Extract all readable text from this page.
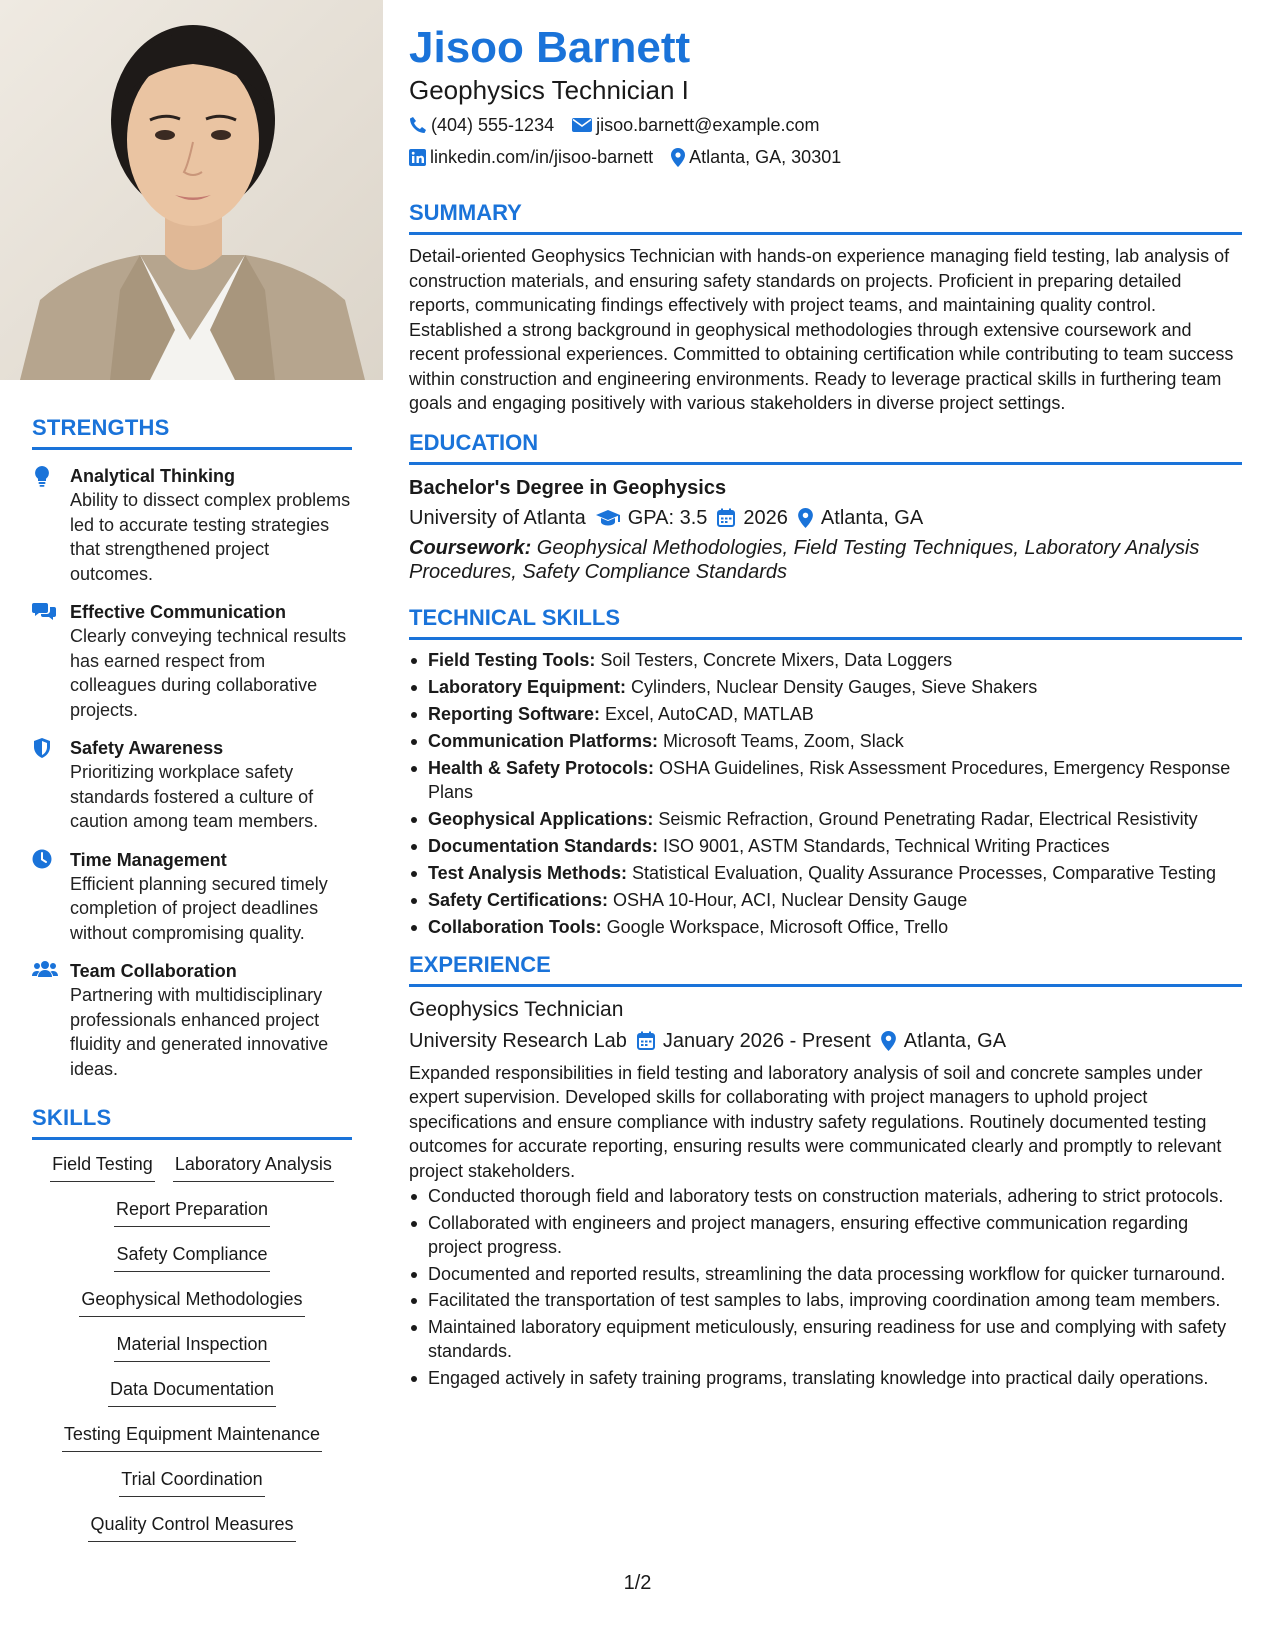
STRENGTHS
Analytical Thinking
Ability to dissect complex problems led to accurate testing strategies that strengthened project outcomes.
Effective Communication
Clearly conveying technical results has earned respect from colleagues during collaborative projects.
Safety Awareness
Prioritizing workplace safety standards fostered a culture of caution among team members.
Time Management
Efficient planning secured timely completion of project deadlines without compromising quality.
Team Collaboration
Partnering with multidisciplinary professionals enhanced project fluidity and generated innovative ideas.
SKILLS
Field Testing Laboratory Analysis
Report Preparation
Safety Compliance
Geophysical Methodologies
Material Inspection
Data Documentation
Testing Equipment Maintenance
Trial Coordination
Quality Control Measures
Jisoo Barnett
Geophysics Technician I
(404) 555-1234 jisoo.barnett@example.com
linkedin.com/in/jisoo-barnett Atlanta, GA, 30301
SUMMARY
Detail-oriented Geophysics Technician with hands-on experience managing field testing, lab analysis of construction materials, and ensuring safety standards on projects. Proficient in preparing detailed reports, communicating findings effectively with project teams, and maintaining quality control. Established a strong background in geophysical methodologies through extensive coursework and recent professional experiences. Committed to obtaining certification while contributing to team success within construction and engineering environments. Ready to leverage practical skills in furthering team goals and engaging positively with various stakeholders in diverse project settings.
EDUCATION
Bachelor's Degree in Geophysics
University of Atlanta GPA: 3.5 2026 Atlanta, GA
Coursework: Geophysical Methodologies, Field Testing Techniques, Laboratory Analysis Procedures, Safety Compliance Standards
TECHNICAL SKILLS
Field Testing Tools: Soil Testers, Concrete Mixers, Data Loggers
Laboratory Equipment: Cylinders, Nuclear Density Gauges, Sieve Shakers
Reporting Software: Excel, AutoCAD, MATLAB
Communication Platforms: Microsoft Teams, Zoom, Slack
Health & Safety Protocols: OSHA Guidelines, Risk Assessment Procedures, Emergency Response Plans
Geophysical Applications: Seismic Refraction, Ground Penetrating Radar, Electrical Resistivity
Documentation Standards: ISO 9001, ASTM Standards, Technical Writing Practices
Test Analysis Methods: Statistical Evaluation, Quality Assurance Processes, Comparative Testing
Safety Certifications: OSHA 10-Hour, ACI, Nuclear Density Gauge
Collaboration Tools: Google Workspace, Microsoft Office, Trello
EXPERIENCE
Geophysics Technician
University Research Lab January 2026 - Present Atlanta, GA
Expanded responsibilities in field testing and laboratory analysis of soil and concrete samples under expert supervision. Developed skills for collaborating with project managers to uphold project specifications and ensure compliance with industry safety regulations. Routinely documented testing outcomes for accurate reporting, ensuring results were communicated clearly and promptly to relevant project stakeholders.
Conducted thorough field and laboratory tests on construction materials, adhering to strict protocols.
Collaborated with engineers and project managers, ensuring effective communication regarding project progress.
Documented and reported results, streamlining the data processing workflow for quicker turnaround.
Facilitated the transportation of test samples to labs, improving coordination among team members.
Maintained laboratory equipment meticulously, ensuring readiness for use and complying with safety standards.
Engaged actively in safety training programs, translating knowledge into practical daily operations.
1/2
